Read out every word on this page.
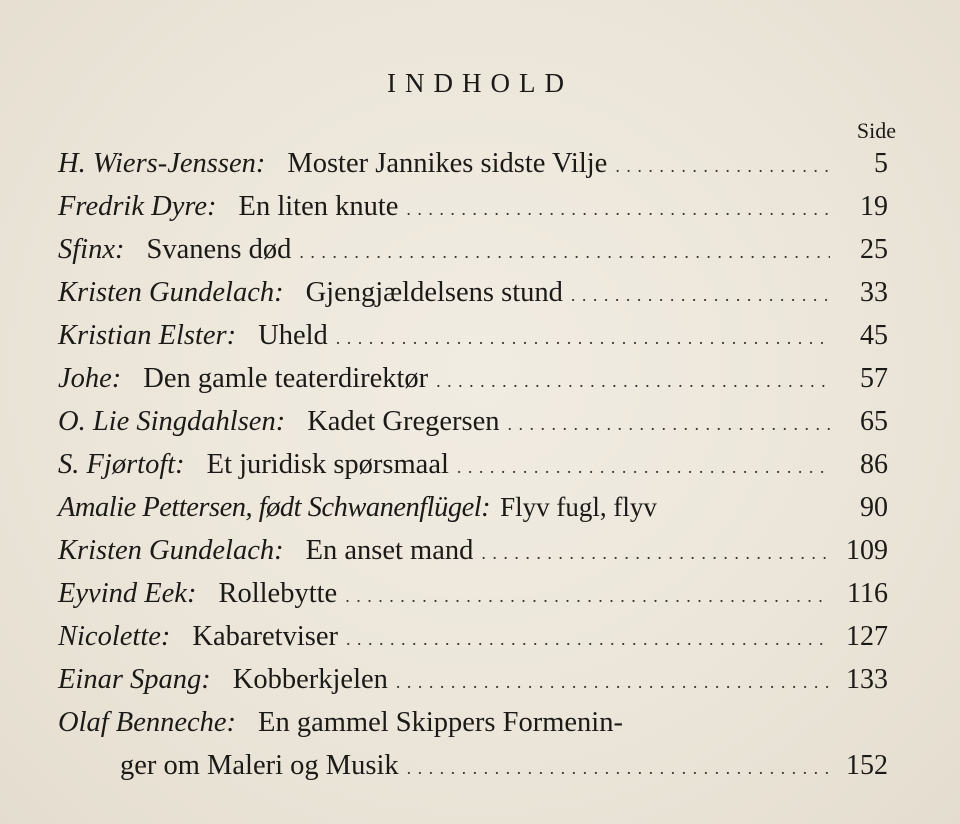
INDHOLD
Side
H. Wiers-Jenssen: Moster Jannikes sidste Vilje . . .	5
Fredrik Dyre: En liten knute . . .	19
Sfinx: Svanens død . . .	25
Kristen Gundelach: Gjengjældelsens stund . . .	33
Kristian Elster: Uheld . . .	45
Johe: Den gamle teaterdirektør . . .	57
O. Lie Singdahlsen: Kadet Gregersen . . .	65
S. Fjørtoft: Et juridisk spørsmaal . . .	86
Amalie Pettersen, født Schwanenflügel: Flyv fugl, flyv	90
Kristen Gundelach: En anset mand . . .	109
Eyvind Eek: Rollebytte . . .	116
Nicolette: Kabaretviser . . .	127
Einar Spang: Kobberkjelen . . .	133
Olaf Benneche: En gammel Skippers Formenin-
ger om Maleri og Musik . . .	152
